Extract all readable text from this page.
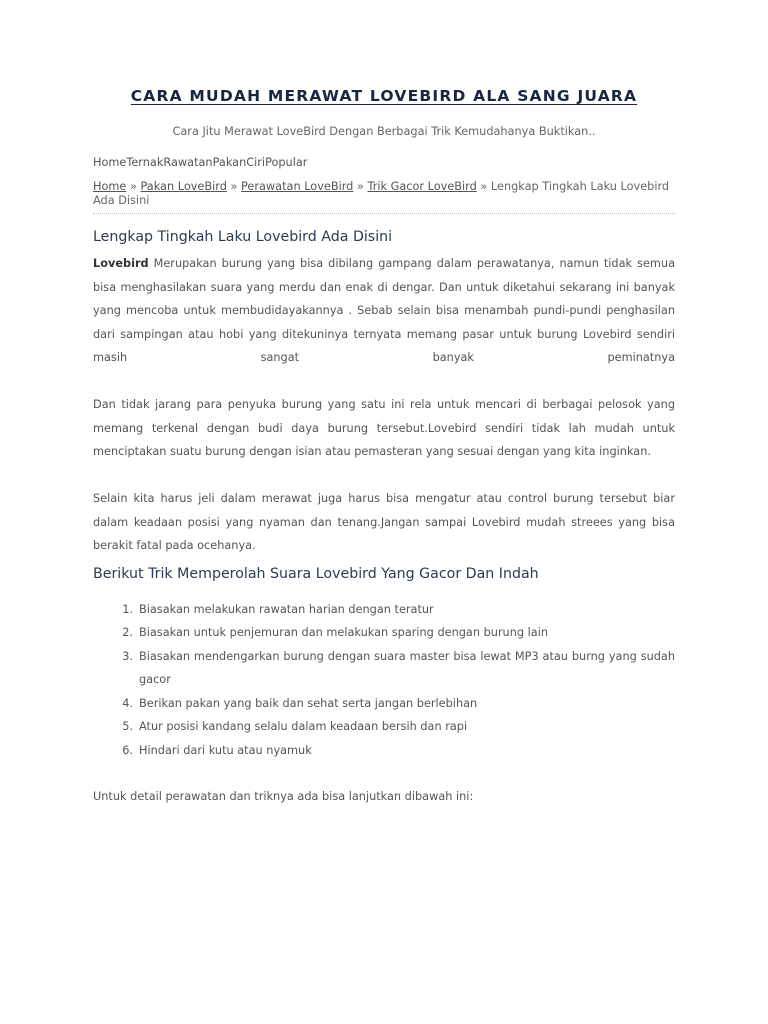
CARA MUDAH MERAWAT LOVEBIRD ALA SANG JUARA

Cara Jitu Merawat LoveBird Dengan Berbagai Trik Kemudahanya Buktikan..

HomeTernakRawatanPakanCiriPopular
Home » Pakan LoveBird » Perawatan LoveBird » Trik Gacor LoveBird » Lengkap Tingkah Laku Lovebird Ada Disini
Lengkap Tingkah Laku Lovebird Ada Disini

Lovebird Merupakan burung yang bisa dibilang gampang dalam perawatanya, namun tidak semua bisa menghasilakan suara yang merdu dan enak di dengar. Dan untuk diketahui sekarang ini banyak yang mencoba untuk membudidayakannya . Sebab selain bisa menambah pundi-pundi penghasilan dari sampingan atau hobi yang ditekuninya ternyata memang pasar untuk burung Lovebird sendiri masih sangat banyak peminatnya

Dan tidak jarang para penyuka burung yang satu ini rela untuk mencari di berbagai pelosok yang memang terkenal dengan budi daya burung tersebut.Lovebird sendiri tidak lah mudah untuk menciptakan suatu burung dengan isian atau pemasteran yang sesuai dengan yang kita inginkan.

Selain kita harus jeli dalam merawat juga harus bisa mengatur atau control burung tersebut biar dalam keadaan posisi yang nyaman dan tenang.Jangan sampai Lovebird mudah streees yang bisa berakit fatal pada ocehanya.

Berikut Trik Memperolah Suara Lovebird Yang Gacor Dan Indah
Biasakan melakukan rawatan harian dengan teratur
Biasakan untuk penjemuran dan melakukan sparing dengan burung lain
Biasakan mendengarkan burung dengan suara master bisa lewat MP3 atau burng yang sudah gacor
Berikan pakan yang baik dan sehat serta jangan berlebihan
Atur posisi kandang selalu dalam keadaan bersih dan rapi
Hindari dari kutu atau nyamuk

Untuk detail perawatan dan triknya ada bisa lanjutkan dibawah ini:
